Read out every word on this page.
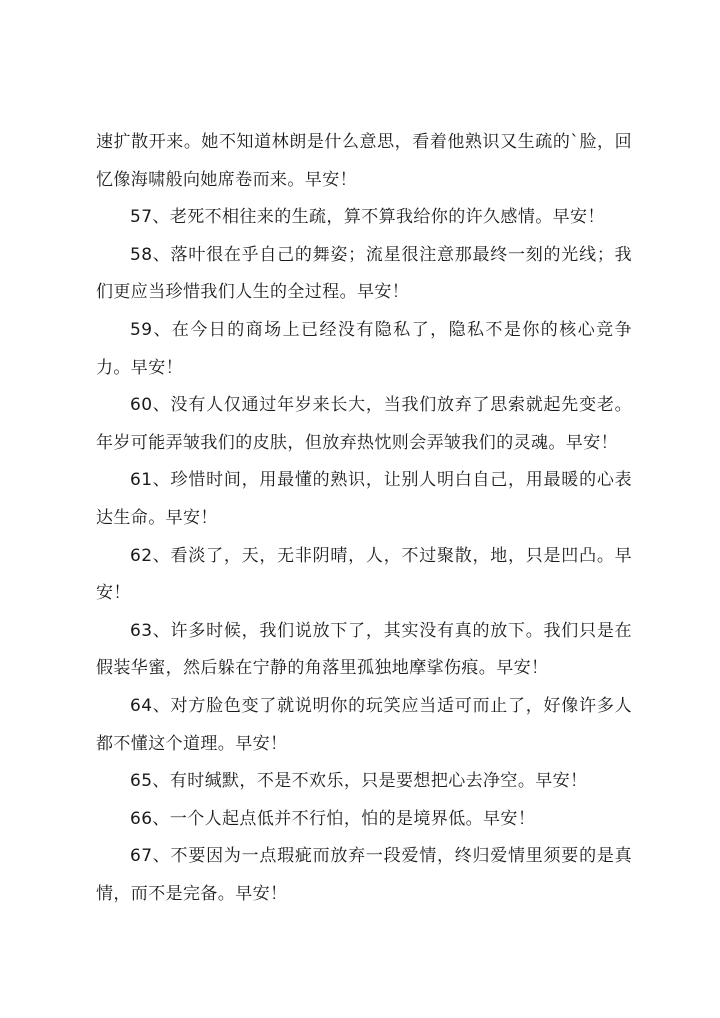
速扩散开来。她不知道林朗是什么意思，看着他熟识又生疏的`脸，回忆像海啸般向她席卷而来。早安！

57、老死不相往来的生疏，算不算我给你的许久感情。早安！

58、落叶很在乎自己的舞姿；流星很注意那最终一刻的光线；我们更应当珍惜我们人生的全过程。早安！

59、在今日的商场上已经没有隐私了，隐私不是你的核心竞争力。早安！

60、没有人仅通过年岁来长大，当我们放弃了思索就起先变老。年岁可能弄皱我们的皮肤，但放弃热忱则会弄皱我们的灵魂。早安！

61、珍惜时间，用最懂的熟识，让别人明白自己，用最暖的心表达生命。早安！

62、看淡了，天，无非阴晴，人，不过聚散，地，只是凹凸。早安！

63、许多时候，我们说放下了，其实没有真的放下。我们只是在假装华蜜，然后躲在宁静的角落里孤独地摩挲伤痕。早安！

64、对方脸色变了就说明你的玩笑应当适可而止了，好像许多人都不懂这个道理。早安！

65、有时缄默，不是不欢乐，只是要想把心去净空。早安！

66、一个人起点低并不行怕，怕的是境界低。早安！

67、不要因为一点瑕疵而放弃一段爱情，终归爱情里须要的是真情，而不是完备。早安！
